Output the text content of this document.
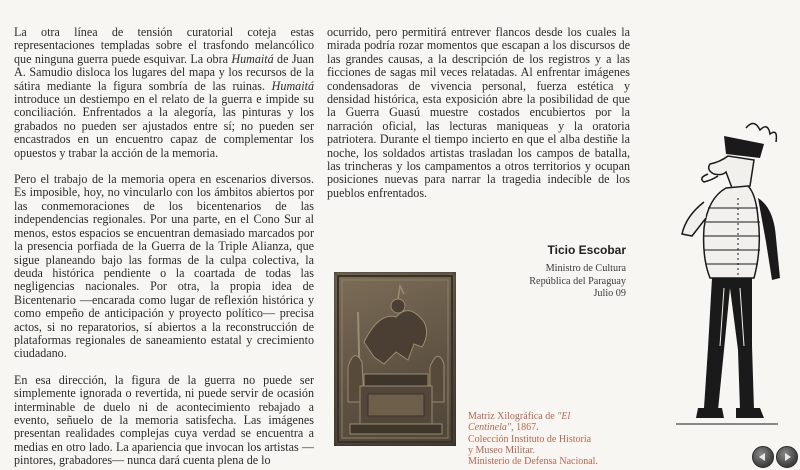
La otra línea de tensión curatorial coteja estas representaciones templadas sobre el trasfondo melancólico que ninguna guerra puede esquivar. La obra Humaitá de Juan A. Samudio disloca los lugares del mapa y los recursos de la sátira mediante la figura sombría de las ruinas. Humaitá introduce un destiempo en el relato de la guerra e impide su conciliación. Enfrentados a la alegoría, las pinturas y los grabados no pueden ser ajustados entre sí; no pueden ser encastrados en un encuentro capaz de complementar los opuestos y trabar la acción de la memoria.

Pero el trabajo de la memoria opera en escenarios diversos. Es imposible, hoy, no vincularlo con los ámbitos abiertos por las conmemoraciones de los bicentenarios de las independencias regionales. Por una parte, en el Cono Sur al menos, estos espacios se encuentran demasiado marcados por la presencia porfiada de la Guerra de la Triple Alianza, que sigue planeando bajo las formas de la culpa colectiva, la deuda histórica pendiente o la coartada de todas las negligencias nacionales. Por otra, la propia idea de Bicentenario —encarada como lugar de reflexión histórica y como empeño de anticipación y proyecto político— precisa actos, si no reparatorios, sí abiertos a la reconstrucción de plataformas regionales de saneamiento estatal y crecimiento ciudadano.

En esa dirección, la figura de la guerra no puede ser simplemente ignorada o revertida, ni puede servir de ocasión interminable de duelo ni de acontecimiento rebajado a evento, señuelo de la memoria satisfecha. Las imágenes presentan realidades complejas cuya verdad se encuentra a medias en otro lado. La apariencia que invocan los artistas —pintores, grabadores— nunca dará cuenta plena de lo

ocurrido, pero permitirá entrever flancos desde los cuales la mirada podría rozar momentos que escapan a los discursos de las grandes causas, a la descripción de los registros y a las ficciones de sagas mil veces relatadas. Al enfrentar imágenes condensadoras de vivencia personal, fuerza estética y densidad histórica, esta exposición abre la posibilidad de que la Guerra Guasú muestre costados encubiertos por la narración oficial, las lecturas maniqueas y la oratoria patriotera. Durante el tiempo incierto en que el alba destiñe la noche, los soldados artistas trasladan los campos de batalla, las trincheras y los campamentos a otros territorios y ocupan posiciones nuevas para narrar la tragedia indecible de los pueblos enfrentados.

Ticio Escobar
Ministro de Cultura
República del Paraguay
Julio 09
Matriz Xilográfica de "El Centinela", 1867.
Colección Instituto de Historia
y Museo Militar.
Ministerio de Defensa Nacional.
